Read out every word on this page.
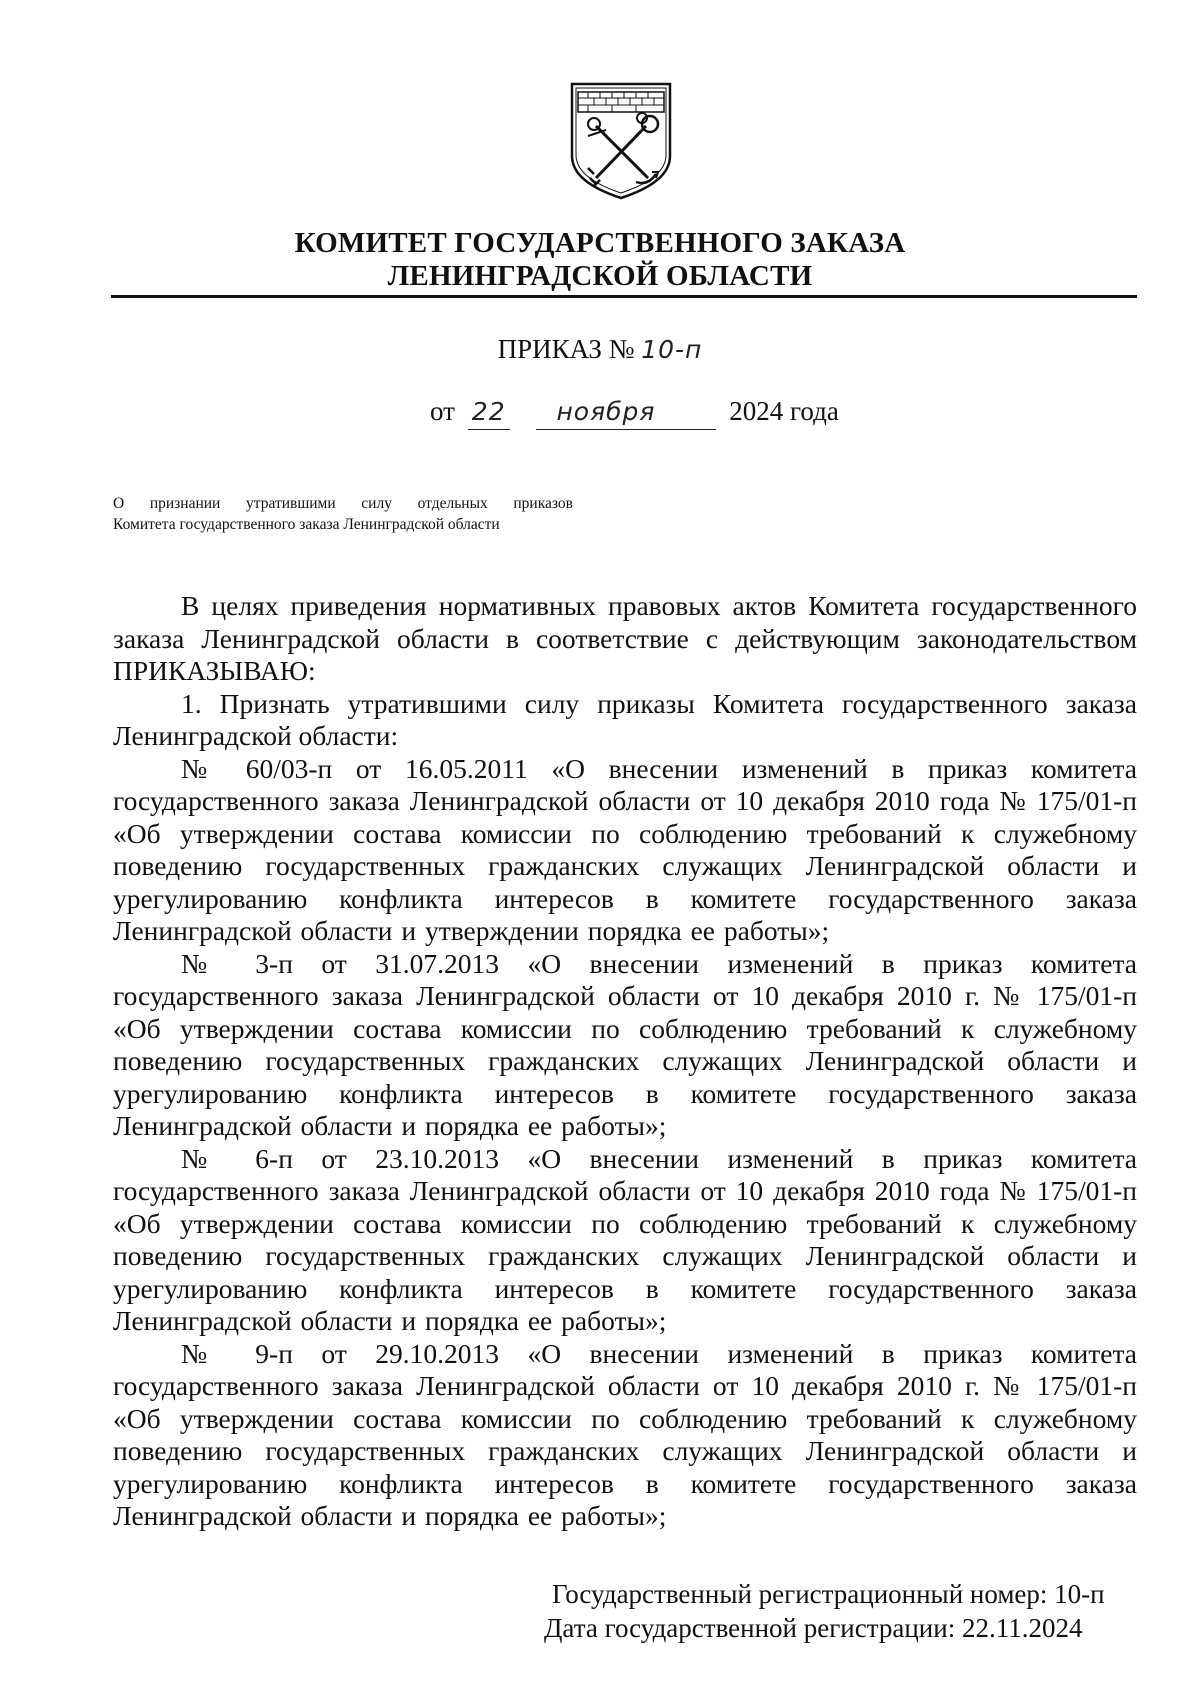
КОМИТЕТ ГОСУДАРСТВЕННОГО ЗАКАЗА
ЛЕНИНГРАДСКОЙ ОБЛАСТИ
ПРИКАЗ № 10-п
от 22 ноября	2024 года
О признании утратившими силу отдельных приказов
Комитета государственного заказа Ленинградской области

В целях приведения нормативных правовых актов Комитета государственного заказа Ленинградской области в соответствие с действующим законодательством ПРИКАЗЫВАЮ:

1. Признать утратившими силу приказы Комитета государственного заказа Ленинградской области:

№ 60/03-п от 16.05.2011 «О внесении изменений в приказ комитета государственного заказа Ленинградской области от 10 декабря 2010 года № 175/01-п «Об утверждении состава комиссии по соблюдению требований к служебному поведению государственных гражданских служащих Ленинградской области и урегулированию конфликта интересов в комитете государственного заказа Ленинградской области и утверждении порядка ее работы»;

№ 3-п от 31.07.2013 «О внесении изменений в приказ комитета государственного заказа Ленинградской области от 10 декабря 2010 г. № 175/01-п «Об утверждении состава комиссии по соблюдению требований к служебному поведению государственных гражданских служащих Ленинградской области и урегулированию конфликта интересов в комитете государственного заказа Ленинградской области и порядка ее работы»;

№ 6-п от 23.10.2013 «О внесении изменений в приказ комитета государственного заказа Ленинградской области от 10 декабря 2010 года № 175/01-п «Об утверждении состава комиссии по соблюдению требований к служебному поведению государственных гражданских служащих Ленинградской области и урегулированию конфликта интересов в комитете государственного заказа Ленинградской области и порядка ее работы»;

№ 9-п от 29.10.2013 «О внесении изменений в приказ комитета государственного заказа Ленинградской области от 10 декабря 2010 г. № 175/01-п «Об утверждении состава комиссии по соблюдению требований к служебному поведению государственных гражданских служащих Ленинградской области и урегулированию конфликта интересов в комитете государственного заказа Ленинградской области и порядка ее работы»;

Государственный регистрационный номер: 10-п
Дата государственной регистрации: 22.11.2024
